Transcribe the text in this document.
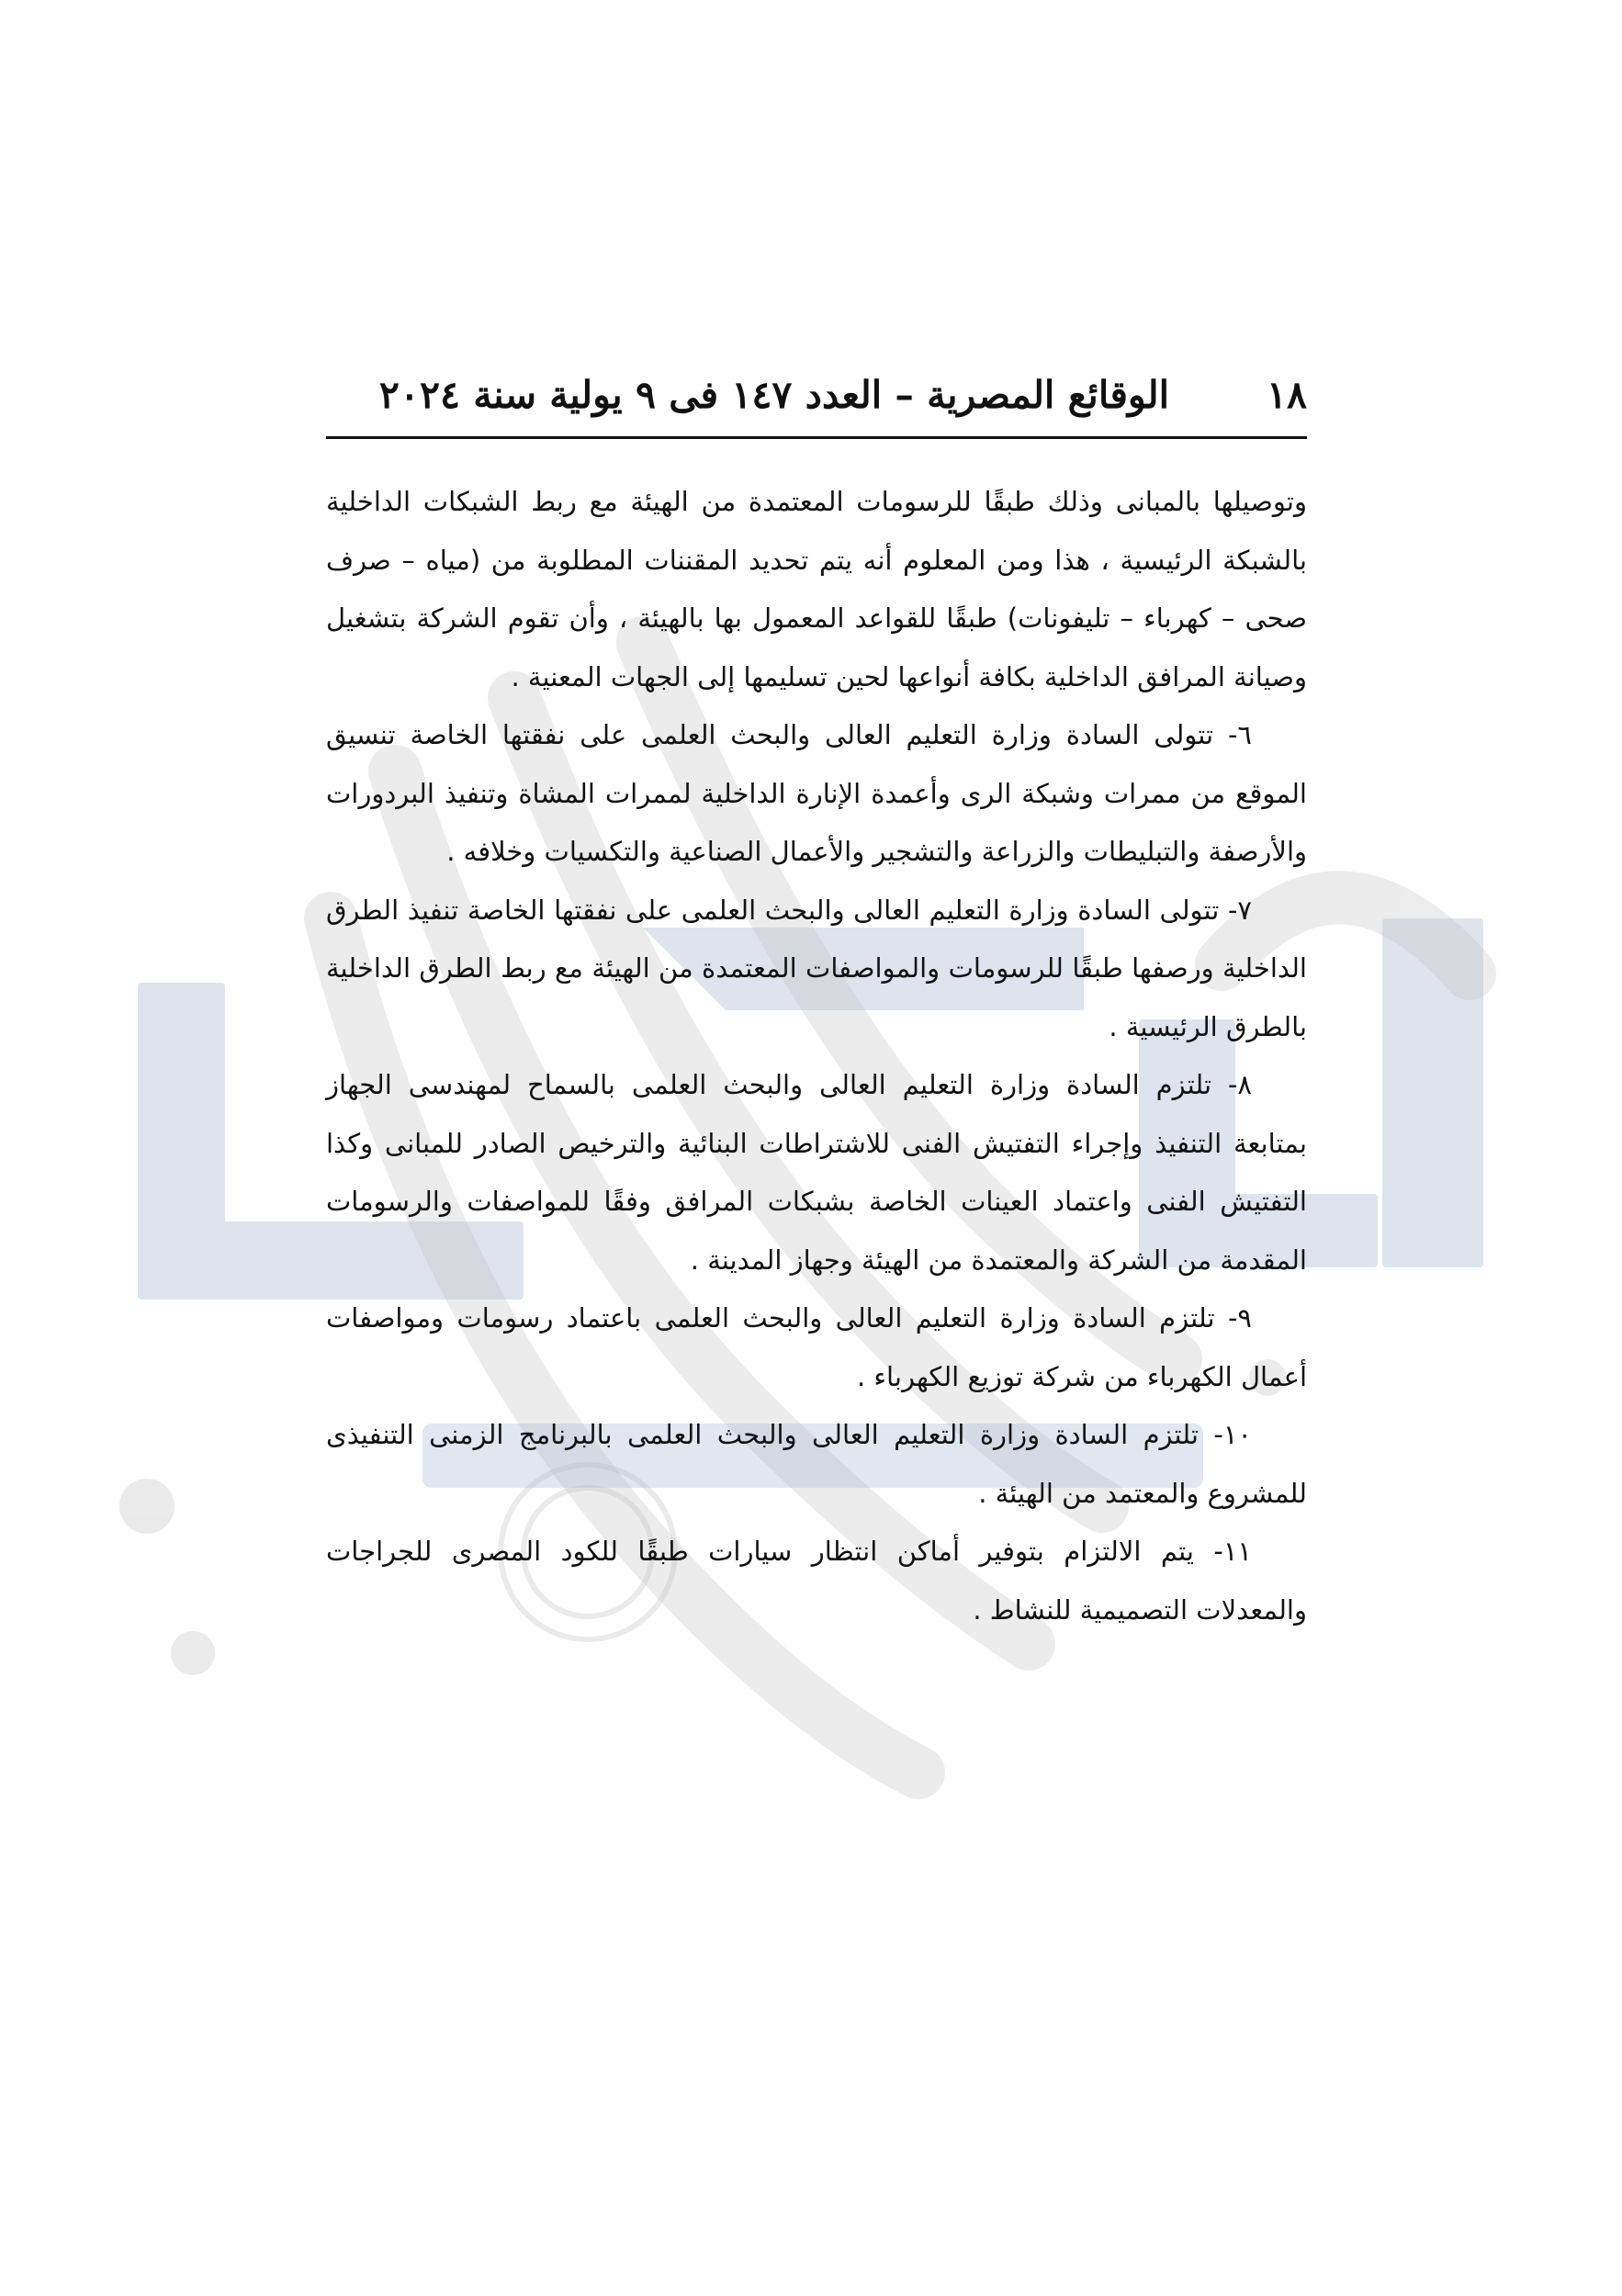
١٨
الوقائع المصرية – العدد ١٤٧ فى ٩ يولية سنة ٢٠٢٤

وتوصيلها بالمبانى وذلك طبقًا للرسومات المعتمدة من الهيئة مع ربط الشبكات الداخلية بالشبكة الرئيسية ، هذا ومن المعلوم أنه يتم تحديد المقننات المطلوبة من (مياه – صرف صحى – كهرباء – تليفونات) طبقًا للقواعد المعمول بها بالهيئة ، وأن تقوم الشركة بتشغيل وصيانة المرافق الداخلية بكافة أنواعها لحين تسليمها إلى الجهات المعنية .

٦- تتولى السادة وزارة التعليم العالى والبحث العلمى على نفقتها الخاصة تنسيق الموقع من ممرات وشبكة الرى وأعمدة الإنارة الداخلية لممرات المشاة وتنفيذ البردورات والأرصفة والتبليطات والزراعة والتشجير والأعمال الصناعية والتكسيات وخلافه .

٧- تتولى السادة وزارة التعليم العالى والبحث العلمى على نفقتها الخاصة تنفيذ الطرق الداخلية ورصفها طبقًا للرسومات والمواصفات المعتمدة من الهيئة مع ربط الطرق الداخلية بالطرق الرئيسية .

٨- تلتزم السادة وزارة التعليم العالى والبحث العلمى بالسماح لمهندسى الجهاز بمتابعة التنفيذ وإجراء التفتيش الفنى للاشتراطات البنائية والترخيص الصادر للمبانى وكذا التفتيش الفنى واعتماد العينات الخاصة بشبكات المرافق وفقًا للمواصفات والرسومات المقدمة من الشركة والمعتمدة من الهيئة وجهاز المدينة .

٩- تلتزم السادة وزارة التعليم العالى والبحث العلمى باعتماد رسومات ومواصفات أعمال الكهرباء من شركة توزيع الكهرباء .

١٠- تلتزم السادة وزارة التعليم العالى والبحث العلمى بالبرنامج الزمنى التنفيذى للمشروع والمعتمد من الهيئة .

١١- يتم الالتزام بتوفير أماكن انتظار سيارات طبقًا للكود المصرى للجراجات والمعدلات التصميمية للنشاط .
